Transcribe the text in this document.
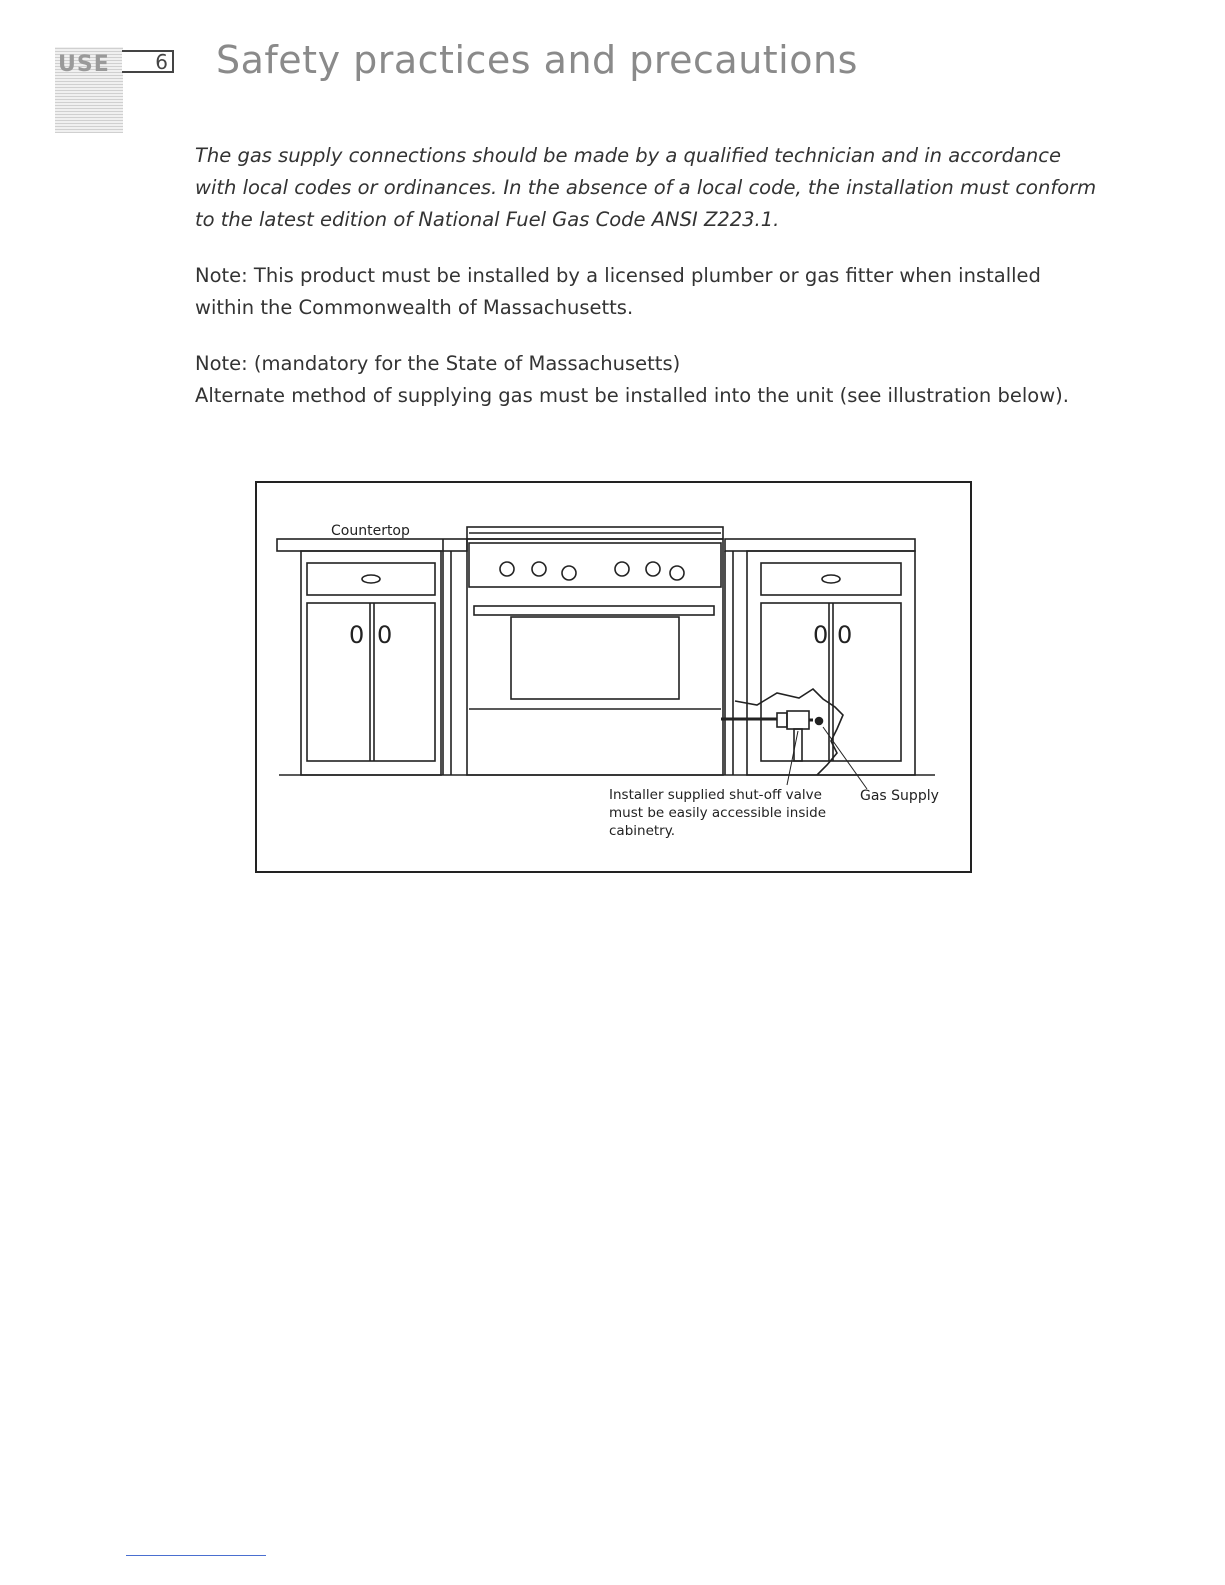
USE 6 Safety practices and precautions

The gas supply connections should be made by a qualified technician and in accordance with local codes or ordinances. In the absence of a local code, the installation must conform to the latest edition of National Fuel Gas Code ANSI Z223.1.

Note: This product must be installed by a licensed plumber or gas fitter when installed within the Commonwealth of Massachusetts.

Note: (mandatory for the State of Massachusetts)
Alternate method of supplying gas must be installed into the unit (see illustration below).

Countertop
0 0	0 0
Installer supplied shut-off valve
must be easily accessible inside
cabinetry.
Gas Supply
